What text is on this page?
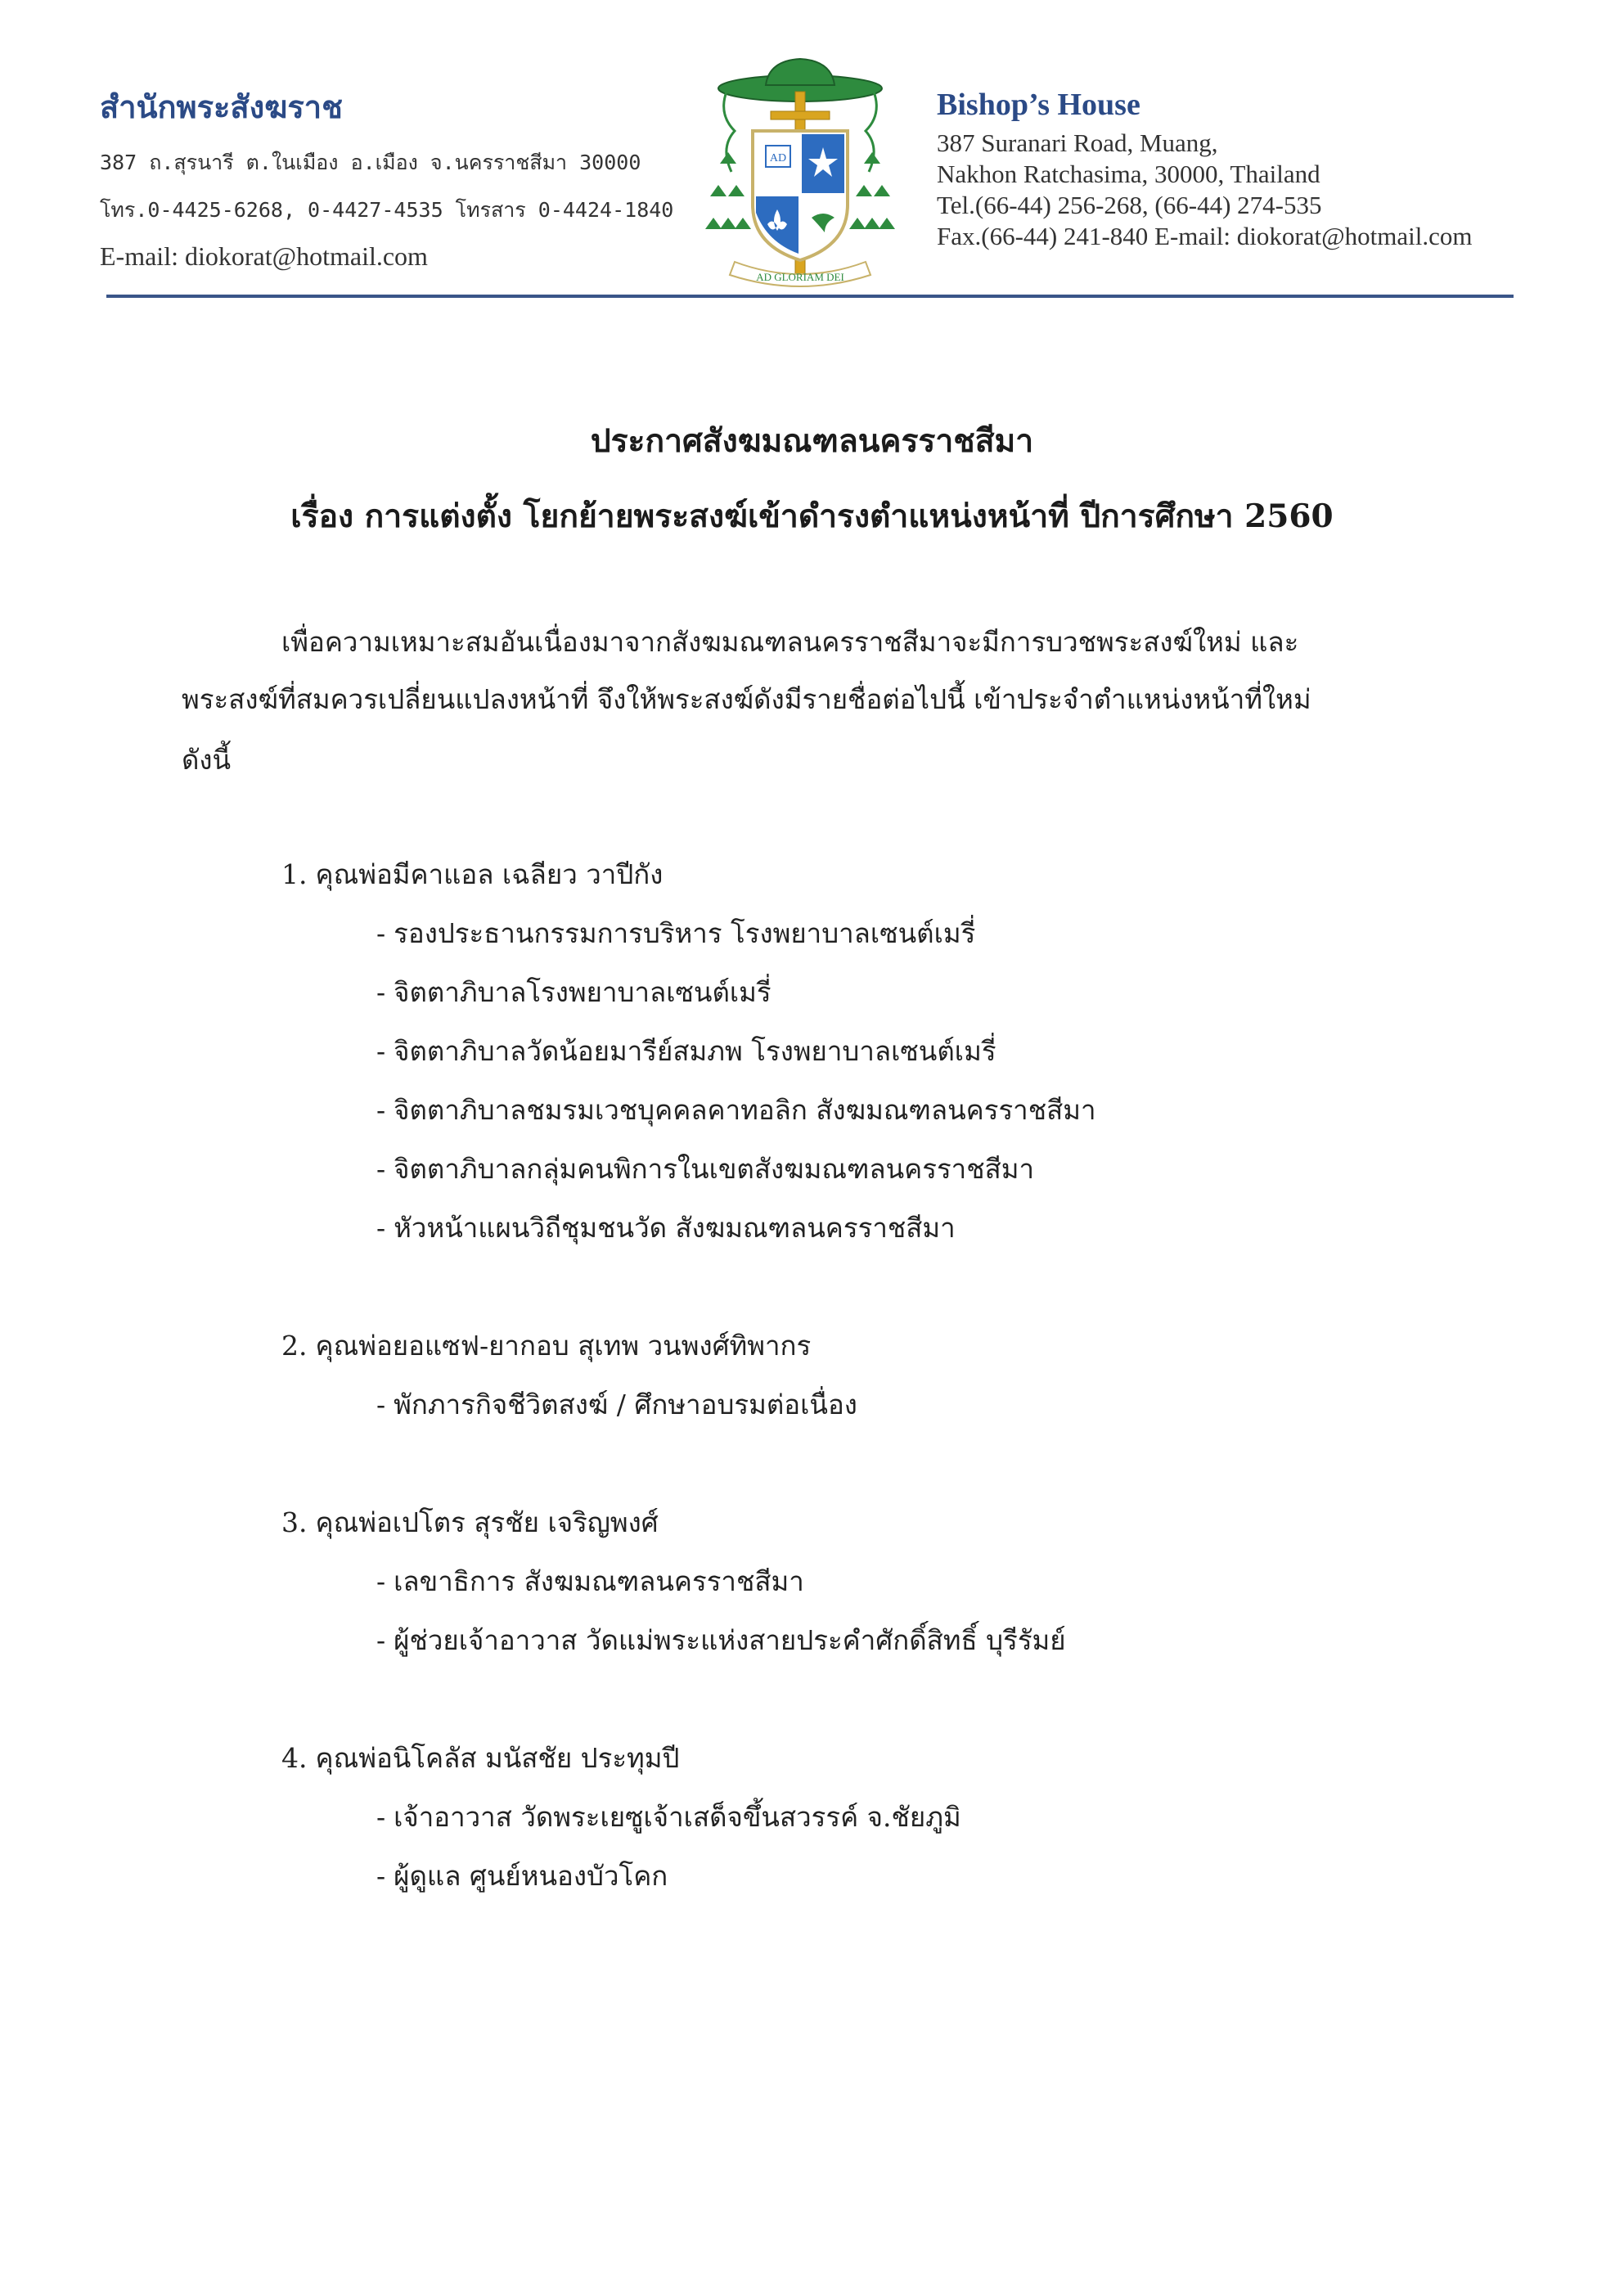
สำนักพระสังฆราช
387 ถ.สุรนารี ต.ในเมือง อ.เมือง จ.นครราชสีมา 30000
โทร.0-4425-6268, 0-4427-4535 โทรสาร 0-4424-1840
E-mail: diokorat@hotmail.com
AD
AD GLORIAM DEI
Bishop’s House
387 Suranari Road, Muang,
Nakhon Ratchasima, 30000, Thailand
Tel.(66-44) 256-268, (66-44) 274-535
Fax.(66-44) 241-840 E-mail: diokorat@hotmail.com
ประกาศสังฆมณฑลนครราชสีมา
เรื่อง การแต่งตั้ง โยกย้ายพระสงฆ์เข้าดำรงตำแหน่งหน้าที่ ปีการศึกษา 2560
เพื่อความเหมาะสมอันเนื่องมาจากสังฆมณฑลนครราชสีมาจะมีการบวชพระสงฆ์ใหม่ และ
พระสงฆ์ที่สมควรเปลี่ยนแปลงหน้าที่ จึงให้พระสงฆ์ดังมีรายชื่อต่อไปนี้ เข้าประจำตำแหน่งหน้าที่ใหม่
ดังนี้
1. คุณพ่อมีคาแอล เฉลียว วาปีกัง
- รองประธานกรรมการบริหาร โรงพยาบาลเซนต์เมรี่
- จิตตาภิบาลโรงพยาบาลเซนต์เมรี่
- จิตตาภิบาลวัดน้อยมารีย์สมภพ โรงพยาบาลเซนต์เมรี่
- จิตตาภิบาลชมรมเวชบุคคลคาทอลิก สังฆมณฑลนครราชสีมา
- จิตตาภิบาลกลุ่มคนพิการในเขตสังฆมณฑลนครราชสีมา
- หัวหน้าแผนวิถีชุมชนวัด สังฆมณฑลนครราชสีมา
2. คุณพ่อยอแซฟ-ยากอบ สุเทพ วนพงศ์ทิพากร
- พักภารกิจชีวิตสงฆ์ / ศึกษาอบรมต่อเนื่อง
3. คุณพ่อเปโตร สุรชัย เจริญพงศ์
- เลขาธิการ สังฆมณฑลนครราชสีมา
- ผู้ช่วยเจ้าอาวาส วัดแม่พระแห่งสายประคำศักดิ์สิทธิ์ บุรีรัมย์
4. คุณพ่อนิโคลัส มนัสชัย ประทุมปี
- เจ้าอาวาส วัดพระเยซูเจ้าเสด็จขึ้นสวรรค์ จ.ชัยภูมิ
- ผู้ดูแล ศูนย์หนองบัวโคก
